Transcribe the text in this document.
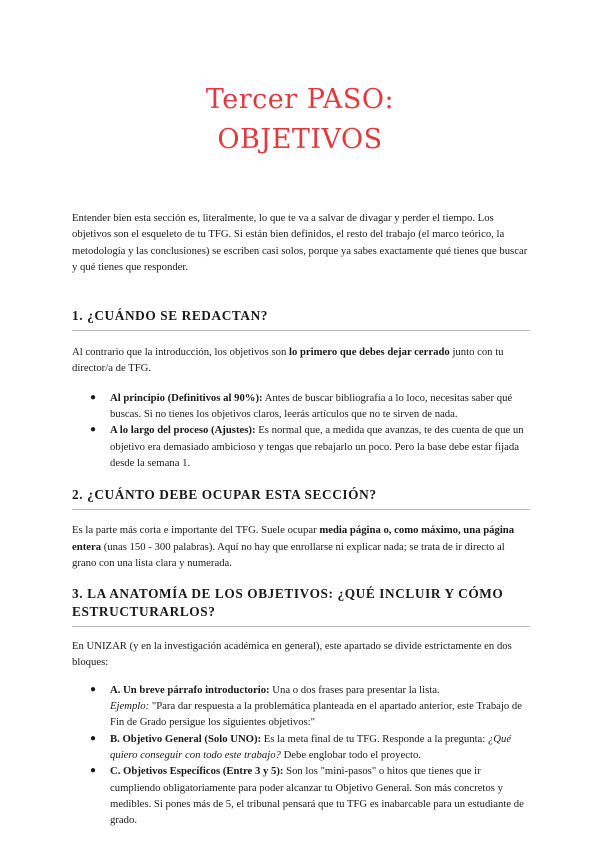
Tercer PASO:
OBJETIVOS

Entender bien esta sección es, literalmente, lo que te va a salvar de divagar y perder el tiempo. Los objetivos son el esqueleto de tu TFG. Si están bien definidos, el resto del trabajo (el marco teórico, la metodología y las conclusiones) se escriben casi solos, porque ya sabes exactamente qué tienes que buscar y qué tienes que responder.

1. ¿CUÁNDO SE REDACTAN?

Al contrario que la introducción, los objetivos son lo primero que debes dejar cerrado junto con tu director/a de TFG.

● Al principio (Definitivos al 90%): Antes de buscar bibliografía a lo loco, necesitas saber qué buscas. Si no tienes los objetivos claros, leerás artículos que no te sirven de nada.
● A lo largo del proceso (Ajustes): Es normal que, a medida que avanzas, te des cuenta de que un objetivo era demasiado ambicioso y tengas que rebajarlo un poco. Pero la base debe estar fijada desde la semana 1.
2. ¿CUÁNTO DEBE OCUPAR ESTA SECCIÓN?

Es la parte más corta e importante del TFG. Suele ocupar media página o, como máximo, una página entera (unas 150 - 300 palabras). Aquí no hay que enrollarse ni explicar nada; se trata de ir directo al grano con una lista clara y numerada.

3. LA ANATOMÍA DE LOS OBJETIVOS: ¿QUÉ INCLUIR Y CÓMO ESTRUCTURARLOS?

En UNIZAR (y en la investigación académica en general), este apartado se divide estrictamente en dos bloques:

● A. Un breve párrafo introductorio: Una o dos frases para presentar la lista.
Ejemplo: "Para dar respuesta a la problemática planteada en el apartado anterior, este Trabajo de Fin de Grado persigue los siguientes objetivos:"
● B. Objetivo General (Solo UNO): Es la meta final de tu TFG. Responde a la pregunta: ¿Qué quiero conseguir con todo este trabajo? Debe englobar todo el proyecto.
● C. Objetivos Específicos (Entre 3 y 5): Son los "mini-pasos" o hitos que tienes que ir cumpliendo obligatoriamente para poder alcanzar tu Objetivo General. Son más concretos y medibles. Si pones más de 5, el tribunal pensará que tu TFG es inabarcable para un estudiante de grado.
